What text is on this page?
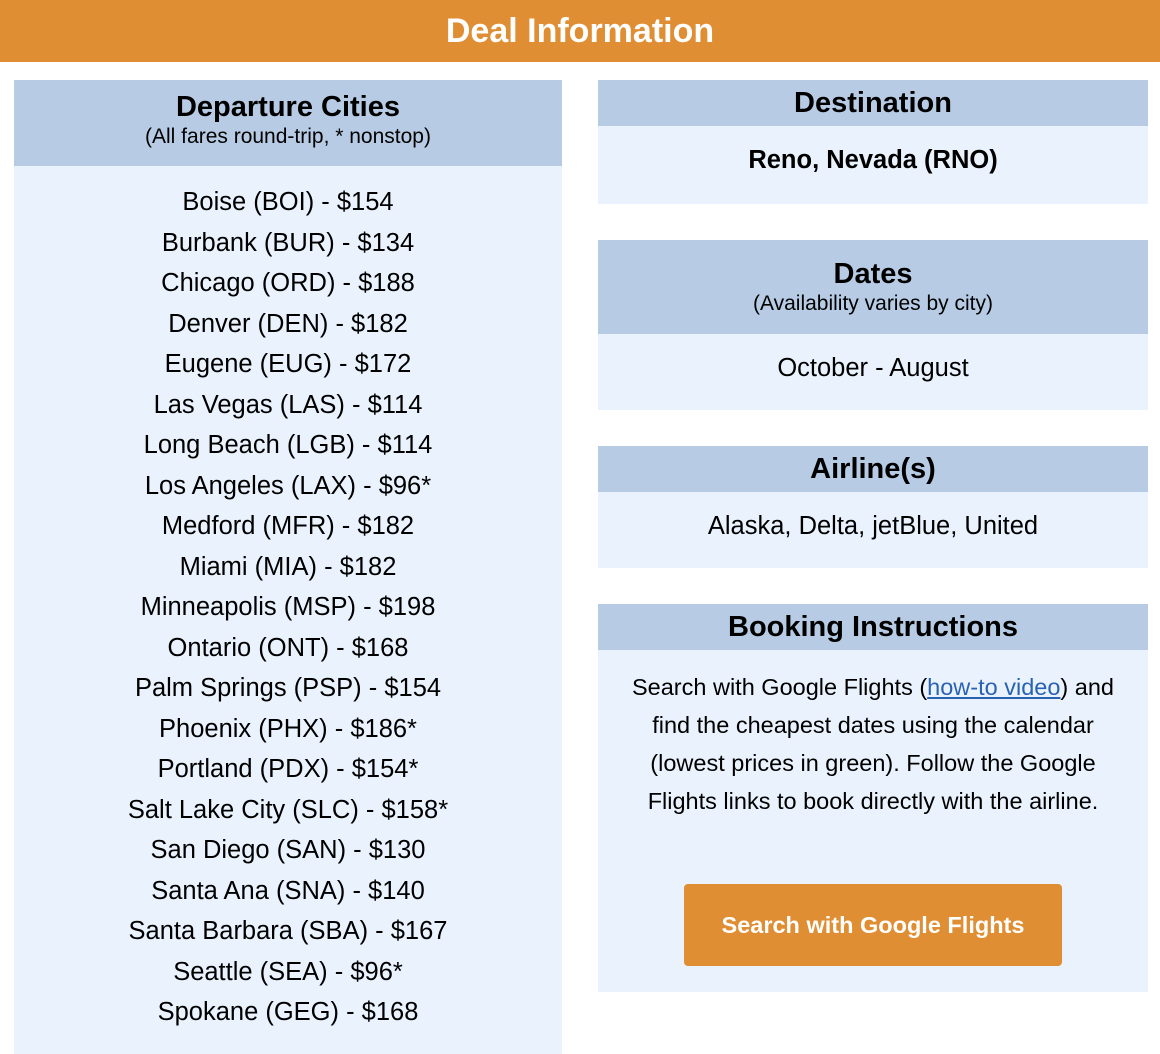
Deal Information
Departure Cities
(All fares round-trip, * nonstop)
Boise (BOI) - $154
Burbank (BUR) - $134
Chicago (ORD) - $188
Denver (DEN) - $182
Eugene (EUG) - $172
Las Vegas (LAS) - $114
Long Beach (LGB) - $114
Los Angeles (LAX) - $96*
Medford (MFR) - $182
Miami (MIA) - $182
Minneapolis (MSP) - $198
Ontario (ONT) - $168
Palm Springs (PSP) - $154
Phoenix (PHX) - $186*
Portland (PDX) - $154*
Salt Lake City (SLC) - $158*
San Diego (SAN) - $130
Santa Ana (SNA) - $140
Santa Barbara (SBA) - $167
Seattle (SEA) - $96*
Spokane (GEG) - $168
Destination
Reno, Nevada (RNO)
Dates
(Availability varies by city)
October - August
Airline(s)
Alaska, Delta, jetBlue, United
Booking Instructions
Search with Google Flights (how-to video) and find the cheapest dates using the calendar (lowest prices in green). Follow the Google Flights links to book directly with the airline.
Search with Google Flights
